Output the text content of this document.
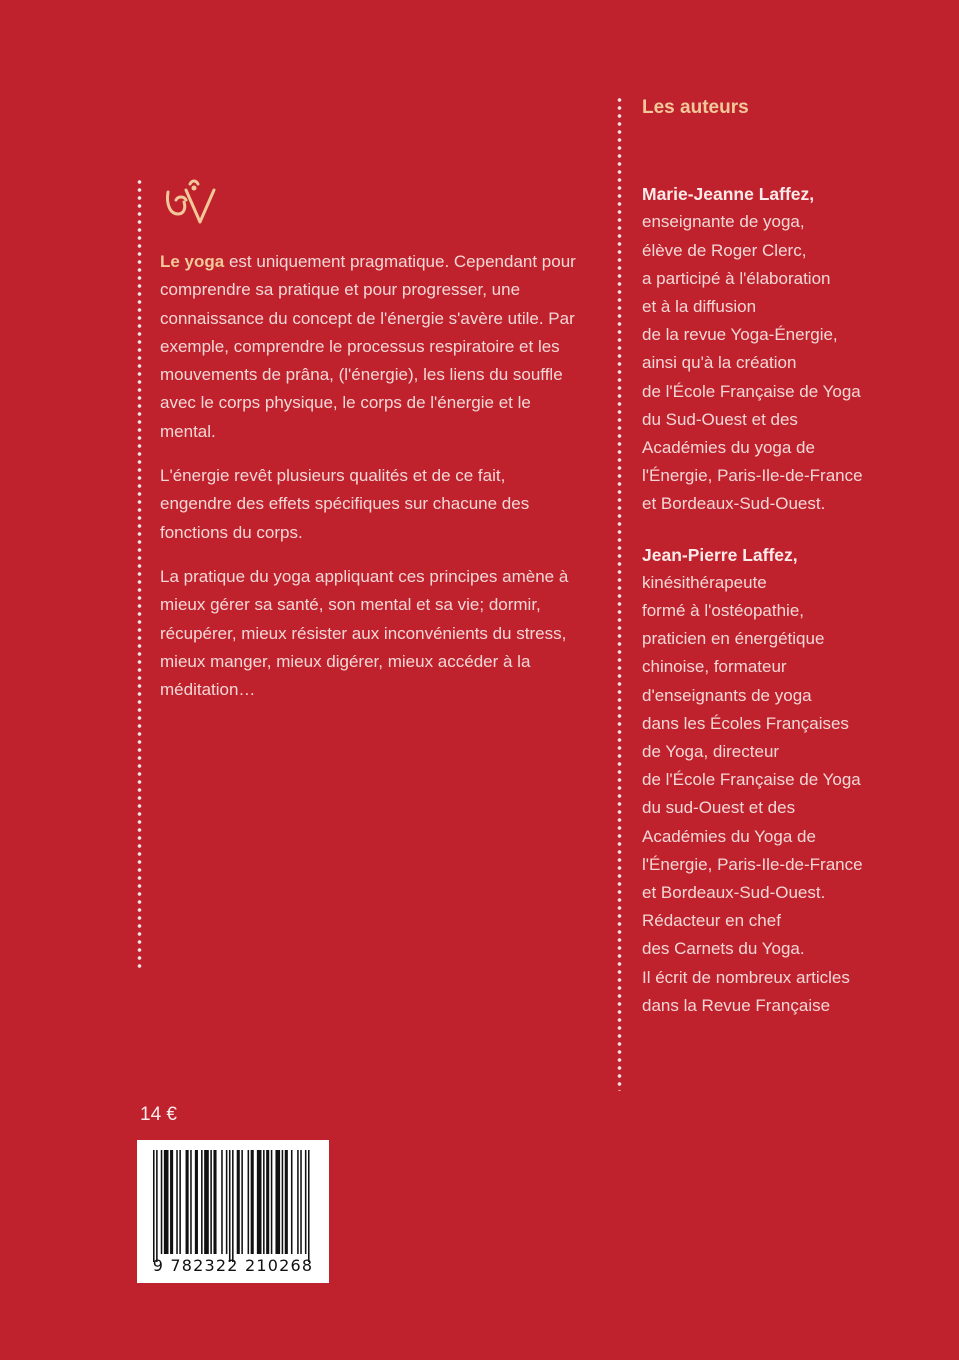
Le yoga est uniquement pragmatique. Cependant pour comprendre sa pratique et pour progresser, une connaissance du concept de l'énergie s'avère utile. Par exemple, comprendre le processus respiratoire et les mouvements de prâna, (l'énergie), les liens du souffle avec le corps physique, le corps de l'énergie et le mental.

L'énergie revêt plusieurs qualités et de ce fait, engendre des effets spécifiques sur chacune des fonctions du corps.

La pratique du yoga appliquant ces principes amène à mieux gérer sa santé, son mental et sa vie; dormir, récupérer, mieux résister aux inconvénients du stress, mieux manger, mieux digérer, mieux accéder à la méditation…

Les auteurs
Marie-Jeanne Laffez,
enseignante de yoga,
élève de Roger Clerc,
a participé à l'élaboration
et à la diffusion
de la revue Yoga-Énergie,
ainsi qu'à la création
de l'École Française de Yoga
du Sud-Ouest et des
Académies du yoga de
l'Énergie, Paris-Ile-de-France
et Bordeaux-Sud-Ouest.
Jean-Pierre Laffez,
kinésithérapeute
formé à l'ostéopathie,
praticien en énergétique
chinoise, formateur
d'enseignants de yoga
dans les Écoles Françaises
de Yoga, directeur
de l'École Française de Yoga
du sud-Ouest et des
Académies du Yoga de
l'Énergie, Paris-Ile-de-France
et Bordeaux-Sud-Ouest.
Rédacteur en chef
des Carnets du Yoga.
Il écrit de nombreux articles
dans la Revue Française
14 €
9 782322 210268
